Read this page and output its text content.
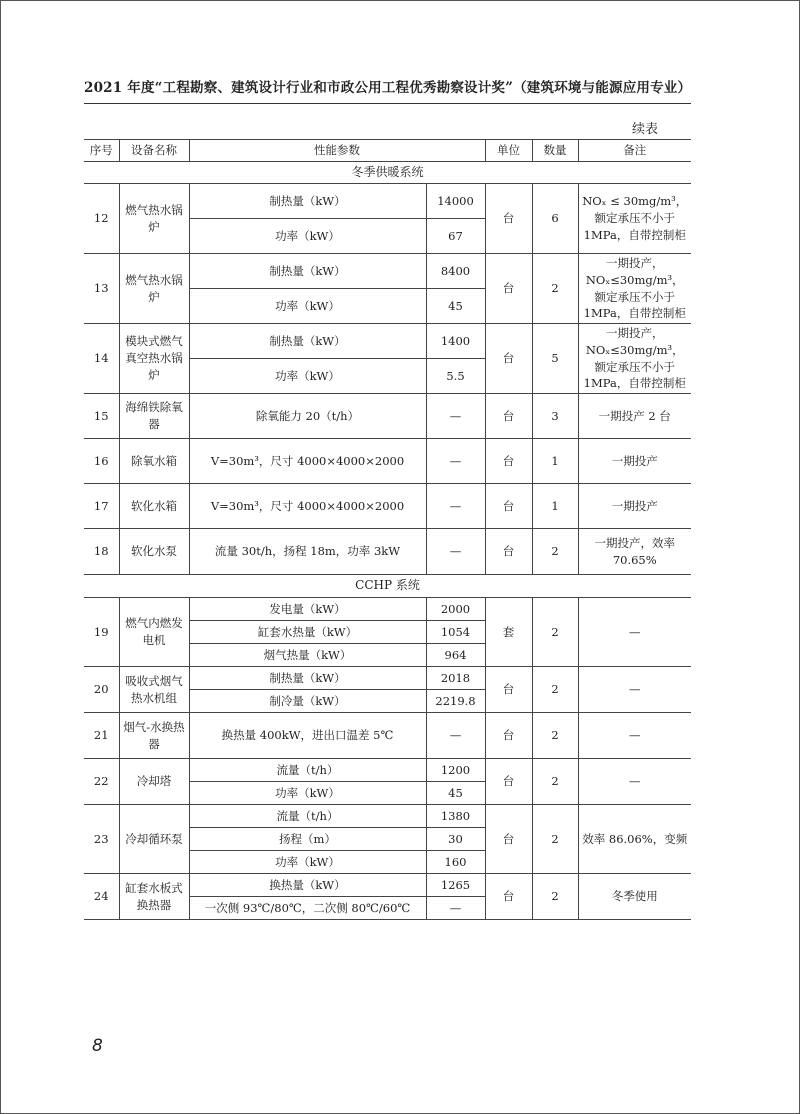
2021 年度“工程勘察、建筑设计行业和市政公用工程优秀勘察设计奖”（建筑环境与能源应用专业）
续表
序号	设备名称	性能参数		单位	数量	备注
冬季供暖系统						
12	燃气热水锅炉	制热量（kW）	14000	台	6	NOₓ ≤ 30mg/m³，额定承压不小于 1MPa，自带控制柜
		功率（kW）	67			
13	燃气热水锅炉	制热量（kW）	8400	台	2	一期投产，NOₓ≤30mg/m³，额定承压不小于 1MPa，自带控制柜
		功率（kW）	45			
14	模块式燃气真空热水锅炉	制热量（kW）	1400	台	5	一期投产，NOₓ≤30mg/m³，额定承压不小于 1MPa，自带控制柜
		功率（kW）	5.5			
15	海绵铁除氧器	除氧能力 20（t/h）	—	台	3	一期投产 2 台
16	除氧水箱	V=30m³，尺寸 4000×4000×2000	—	台	1	一期投产
17	软化水箱	V=30m³，尺寸 4000×4000×2000	—	台	1	一期投产
18	软化水泵	流量 30t/h，扬程 18m，功率 3kW	—	台	2	一期投产，效率 70.65%
CCHP 系统						
19	燃气内燃发电机	发电量（kW）	2000	套	2	—
		缸套水热量（kW）	1054			
		烟气热量（kW）	964			
20	吸收式烟气热水机组	制热量（kW）	2018	台	2	—
		制冷量（kW）	2219.8			
21	烟气-水换热器	换热量 400kW，进出口温差 5℃	—	台	2	—
22	冷却塔	流量（t/h）	1200	台	2	—
		功率（kW）	45			
23	冷却循环泵	流量（t/h）	1380	台	2	效率 86.06%，变频
		扬程（m）	30			
		功率（kW）	160			
24	缸套水板式换热器	换热量（kW）	1265	台	2	冬季使用
		一次侧 93℃/80℃，二次侧 80℃/60℃	—			
8
